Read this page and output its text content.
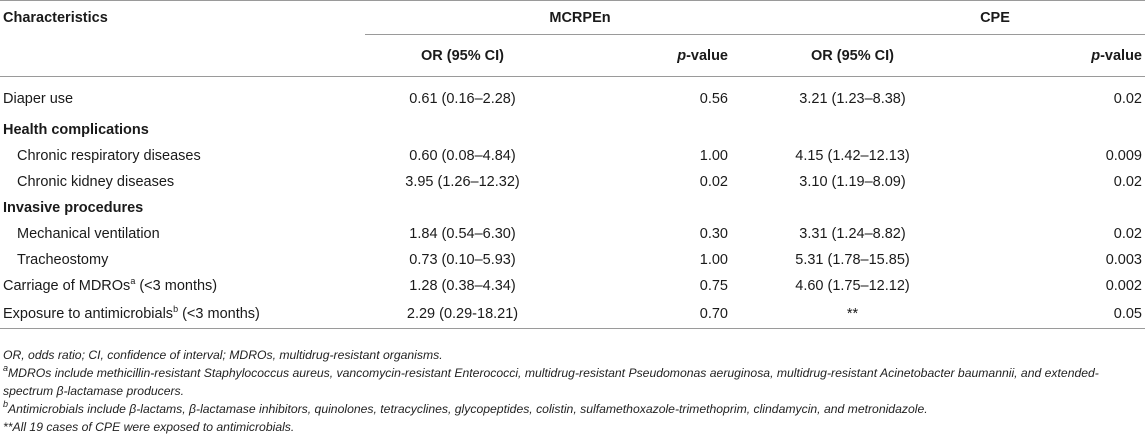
Characteristics	MCRPEn		CPE	
	OR (95% CI)	p-value	OR (95% CI)	p-value
Diaper use	0.61 (0.16–2.28)	0.56	3.21 (1.23–8.38)	0.02
Health complications				
Chronic respiratory diseases	0.60 (0.08–4.84)	1.00	4.15 (1.42–12.13)	0.009
Chronic kidney diseases	3.95 (1.26–12.32)	0.02	3.10 (1.19–8.09)	0.02
Invasive procedures				
Mechanical ventilation	1.84 (0.54–6.30)	0.30	3.31 (1.24–8.82)	0.02
Tracheostomy	0.73 (0.10–5.93)	1.00	5.31 (1.78–15.85)	0.003
Carriage of MDROs$^a$ (<3 months)	1.28 (0.38–4.34)	0.75	4.60 (1.75–12.12)	0.002
Exposure to antimicrobials$^b$ (<3 months)	2.29 (0.29-18.21)	0.70	**	0.05

OR, odds ratio; CI, confidence of interval; MDROs, multidrug-resistant organisms.

$^a$MDROs include methicillin-resistant Staphylococcus aureus, vancomycin-resistant Enterococci, multidrug-resistant Pseudomonas aeruginosa, multidrug-resistant Acinetobacter baumannii, and extended-spectrum β-lactamase producers.

$^b$Antimicrobials include β-lactams, β-lactamase inhibitors, quinolones, tetracyclines, glycopeptides, colistin, sulfamethoxazole-trimethoprim, clindamycin, and metronidazole.

**All 19 cases of CPE were exposed to antimicrobials.
